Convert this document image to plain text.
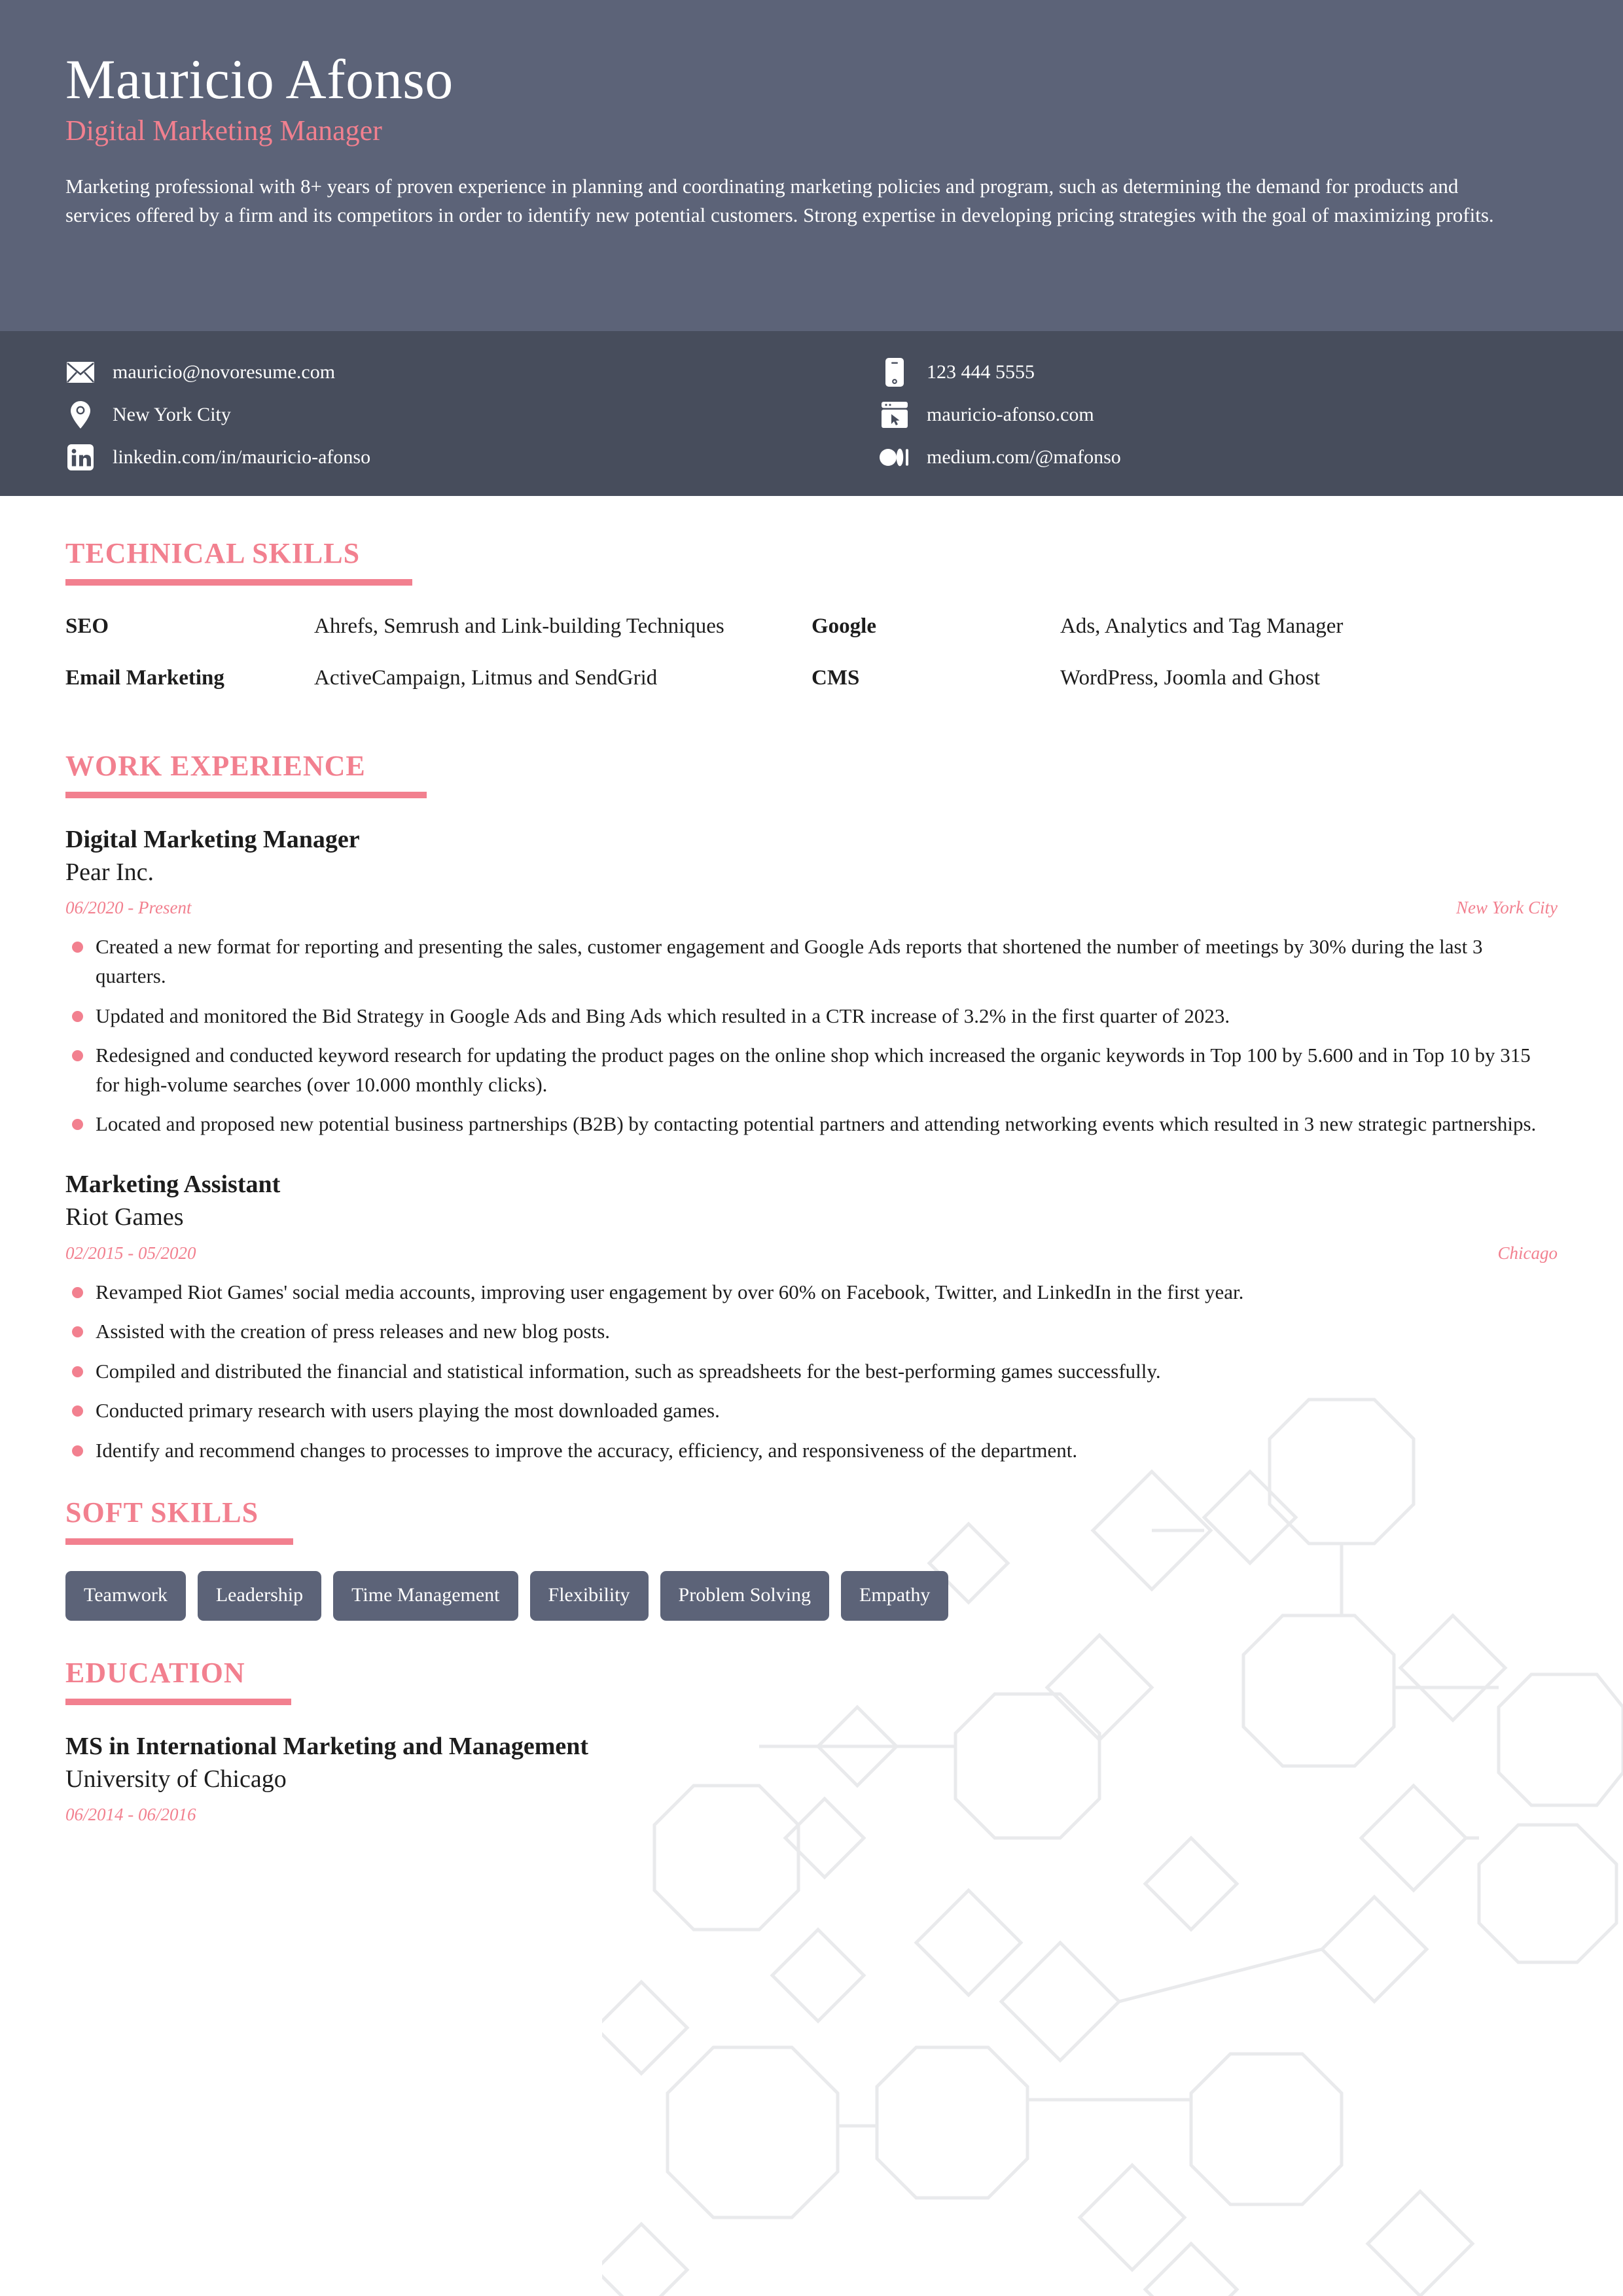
Mauricio Afonso
Digital Marketing Manager

Marketing professional with 8+ years of proven experience in planning and coordinating marketing policies and program, such as determining the demand for products and services offered by a firm and its competitors in order to identify new potential customers. Strong expertise in developing pricing strategies with the goal of maximizing profits.

mauricio@novoresume.com
New York City
linkedin.com/in/mauricio-afonso
123 444 5555
mauricio-afonso.com
medium.com/@mafonso
TECHNICAL SKILLS
SEO	Ahrefs, Semrush and Link-building Techniques	Google	Ads, Analytics and Tag Manager
Email Marketing	ActiveCampaign, Litmus and SendGrid	CMS	WordPress, Joomla and Ghost
WORK EXPERIENCE
Digital Marketing Manager
Pear Inc.
06/2020 - Present	New York City
Created a new format for reporting and presenting the sales, customer engagement and Google Ads reports that shortened the number of meetings by 30% during the last 3 quarters.
Updated and monitored the Bid Strategy in Google Ads and Bing Ads which resulted in a CTR increase of 3.2% in the first quarter of 2023.
Redesigned and conducted keyword research for updating the product pages on the online shop which increased the organic keywords in Top 100 by 5.600 and in Top 10 by 315 for high-volume searches (over 10.000 monthly clicks).
Located and proposed new potential business partnerships (B2B) by contacting potential partners and attending networking events which resulted in 3 new strategic partnerships.
Marketing Assistant
Riot Games
02/2015 - 05/2020	Chicago
Revamped Riot Games' social media accounts, improving user engagement by over 60% on Facebook, Twitter, and LinkedIn in the first year.
Assisted with the creation of press releases and new blog posts.
Compiled and distributed the financial and statistical information, such as spreadsheets for the best-performing games successfully.
Conducted primary research with users playing the most downloaded games.
Identify and recommend changes to processes to improve the accuracy, efficiency, and responsiveness of the department.
SOFT SKILLS
Teamwork	Leadership	Time Management	Flexibility	Problem Solving	Empathy
EDUCATION
MS in International Marketing and Management
University of Chicago
06/2014 - 06/2016
